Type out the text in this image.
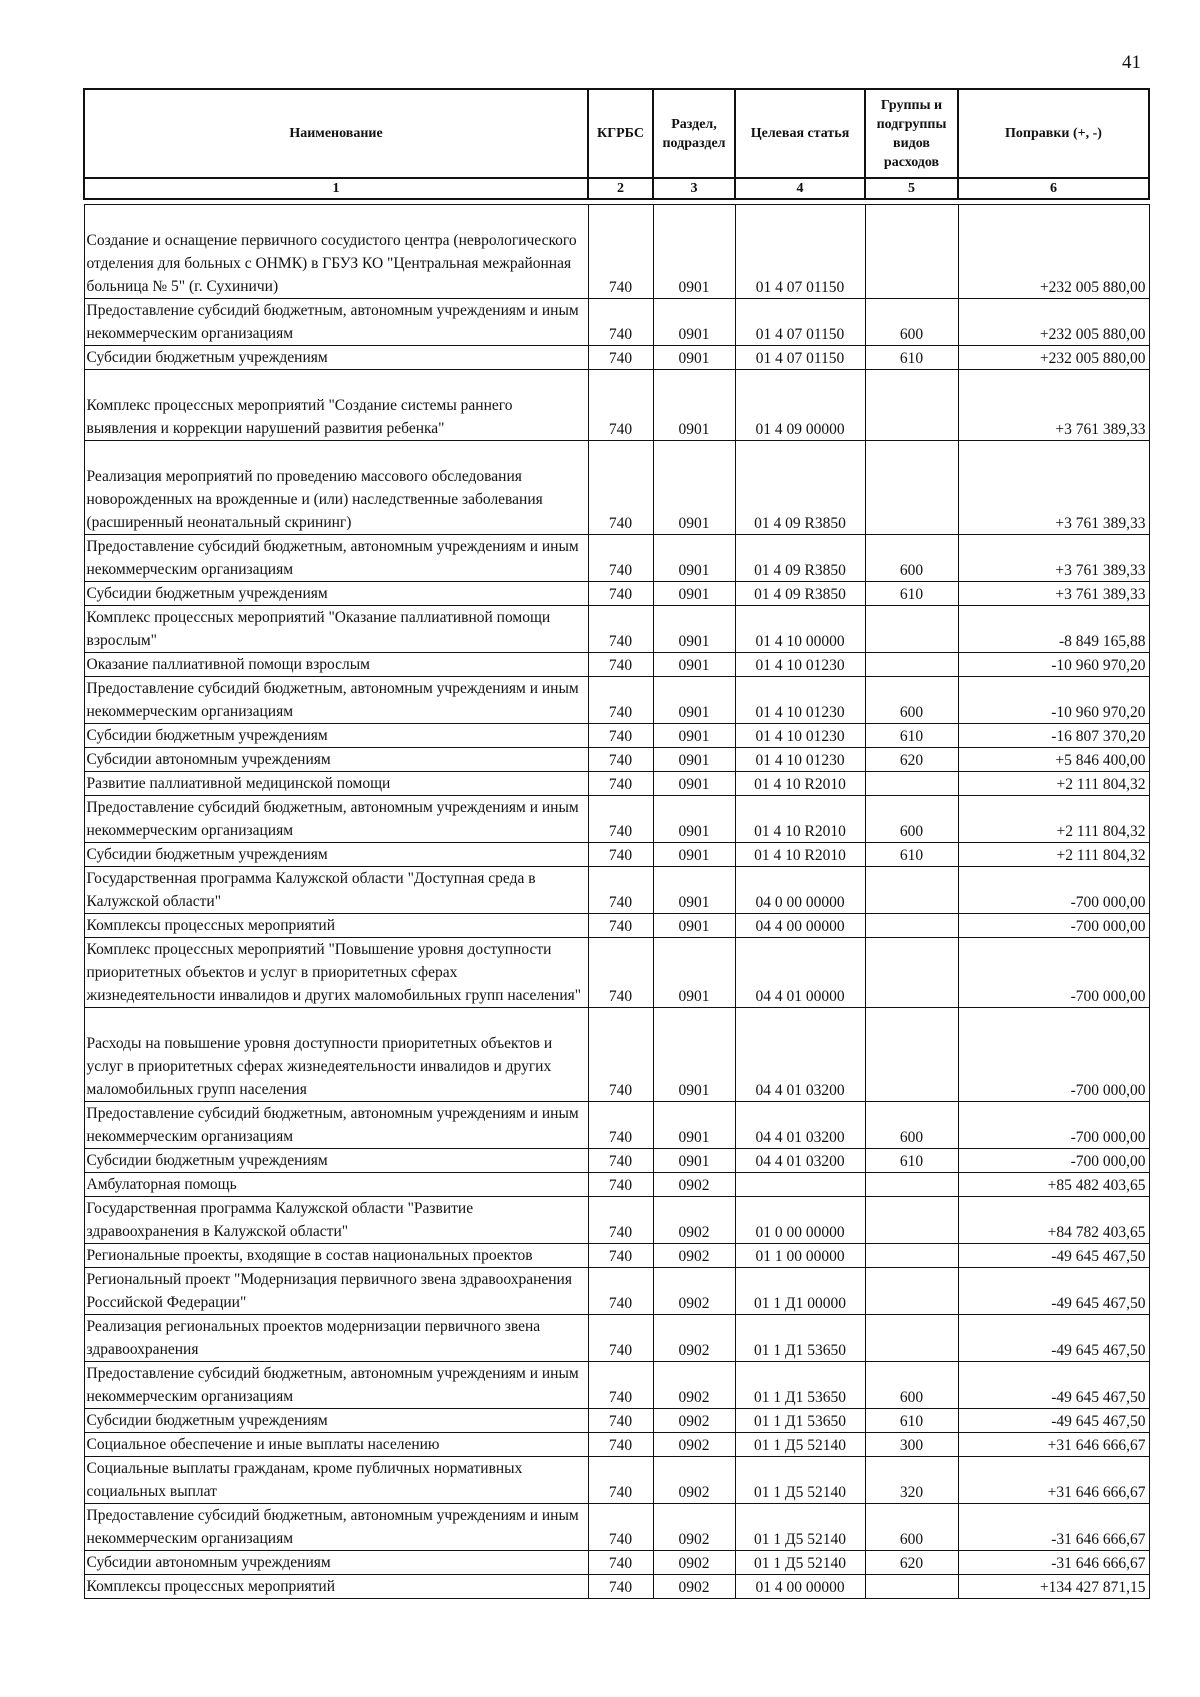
41
Наименование	КГРБС	Раздел, подраздел	Целевая статья	Группы и подгруппы видов расходов	Поправки (+, -)
1	2	3	4	5	6

Создание и оснащение первичного сосудистого центра (неврологического отделения для больных с ОНМК) в ГБУЗ КО "Центральная межрайонная больница № 5" (г. Сухиничи)	740	0901	01 4 07 01150		+232 005 880,00
Предоставление субсидий бюджетным, автономным учреждениям и иным некоммерческим организациям	740	0901	01 4 07 01150	600	+232 005 880,00
Субсидии бюджетным учреждениям	740	0901	01 4 07 01150	610	+232 005 880,00
Комплекс процессных мероприятий "Создание системы раннего выявления и коррекции нарушений развития ребенка"	740	0901	01 4 09 00000		+3 761 389,33
Реализация мероприятий по проведению массового обследования новорожденных на врожденные и (или) наследственные заболевания (расширенный неонатальный скрининг)	740	0901	01 4 09 R3850		+3 761 389,33
Предоставление субсидий бюджетным, автономным учреждениям и иным некоммерческим организациям	740	0901	01 4 09 R3850	600	+3 761 389,33
Субсидии бюджетным учреждениям	740	0901	01 4 09 R3850	610	+3 761 389,33
Комплекс процессных мероприятий "Оказание паллиативной помощи взрослым"	740	0901	01 4 10 00000		-8 849 165,88
Оказание паллиативной помощи взрослым	740	0901	01 4 10 01230		-10 960 970,20
Предоставление субсидий бюджетным, автономным учреждениям и иным некоммерческим организациям	740	0901	01 4 10 01230	600	-10 960 970,20
Субсидии бюджетным учреждениям	740	0901	01 4 10 01230	610	-16 807 370,20
Субсидии автономным учреждениям	740	0901	01 4 10 01230	620	+5 846 400,00
Развитие паллиативной медицинской помощи	740	0901	01 4 10 R2010		+2 111 804,32
Предоставление субсидий бюджетным, автономным учреждениям и иным некоммерческим организациям	740	0901	01 4 10 R2010	600	+2 111 804,32
Субсидии бюджетным учреждениям	740	0901	01 4 10 R2010	610	+2 111 804,32
Государственная программа Калужской области "Доступная среда в Калужской области"	740	0901	04 0 00 00000		-700 000,00
Комплексы процессных мероприятий	740	0901	04 4 00 00000		-700 000,00
Комплекс процессных мероприятий "Повышение уровня доступности приоритетных объектов и услуг в приоритетных сферах жизнедеятельности инвалидов и других маломобильных групп населения"	740	0901	04 4 01 00000		-700 000,00
Расходы на повышение уровня доступности приоритетных объектов и услуг в приоритетных сферах жизнедеятельности инвалидов и других маломобильных групп населения	740	0901	04 4 01 03200		-700 000,00
Предоставление субсидий бюджетным, автономным учреждениям и иным некоммерческим организациям	740	0901	04 4 01 03200	600	-700 000,00
Субсидии бюджетным учреждениям	740	0901	04 4 01 03200	610	-700 000,00
Амбулаторная помощь	740	0902			+85 482 403,65
Государственная программа Калужской области "Развитие здравоохранения в Калужской области"	740	0902	01 0 00 00000		+84 782 403,65
Региональные проекты, входящие в состав национальных проектов	740	0902	01 1 00 00000		-49 645 467,50
Региональный проект "Модернизация первичного звена здравоохранения Российской Федерации"	740	0902	01 1 Д1 00000		-49 645 467,50
Реализация региональных проектов модернизации первичного звена здравоохранения	740	0902	01 1 Д1 53650		-49 645 467,50
Предоставление субсидий бюджетным, автономным учреждениям и иным некоммерческим организациям	740	0902	01 1 Д1 53650	600	-49 645 467,50
Субсидии бюджетным учреждениям	740	0902	01 1 Д1 53650	610	-49 645 467,50
Социальное обеспечение и иные выплаты населению	740	0902	01 1 Д5 52140	300	+31 646 666,67
Социальные выплаты гражданам, кроме публичных нормативных социальных выплат	740	0902	01 1 Д5 52140	320	+31 646 666,67
Предоставление субсидий бюджетным, автономным учреждениям и иным некоммерческим организациям	740	0902	01 1 Д5 52140	600	-31 646 666,67
Субсидии автономным учреждениям	740	0902	01 1 Д5 52140	620	-31 646 666,67
Комплексы процессных мероприятий	740	0902	01 4 00 00000		+134 427 871,15
